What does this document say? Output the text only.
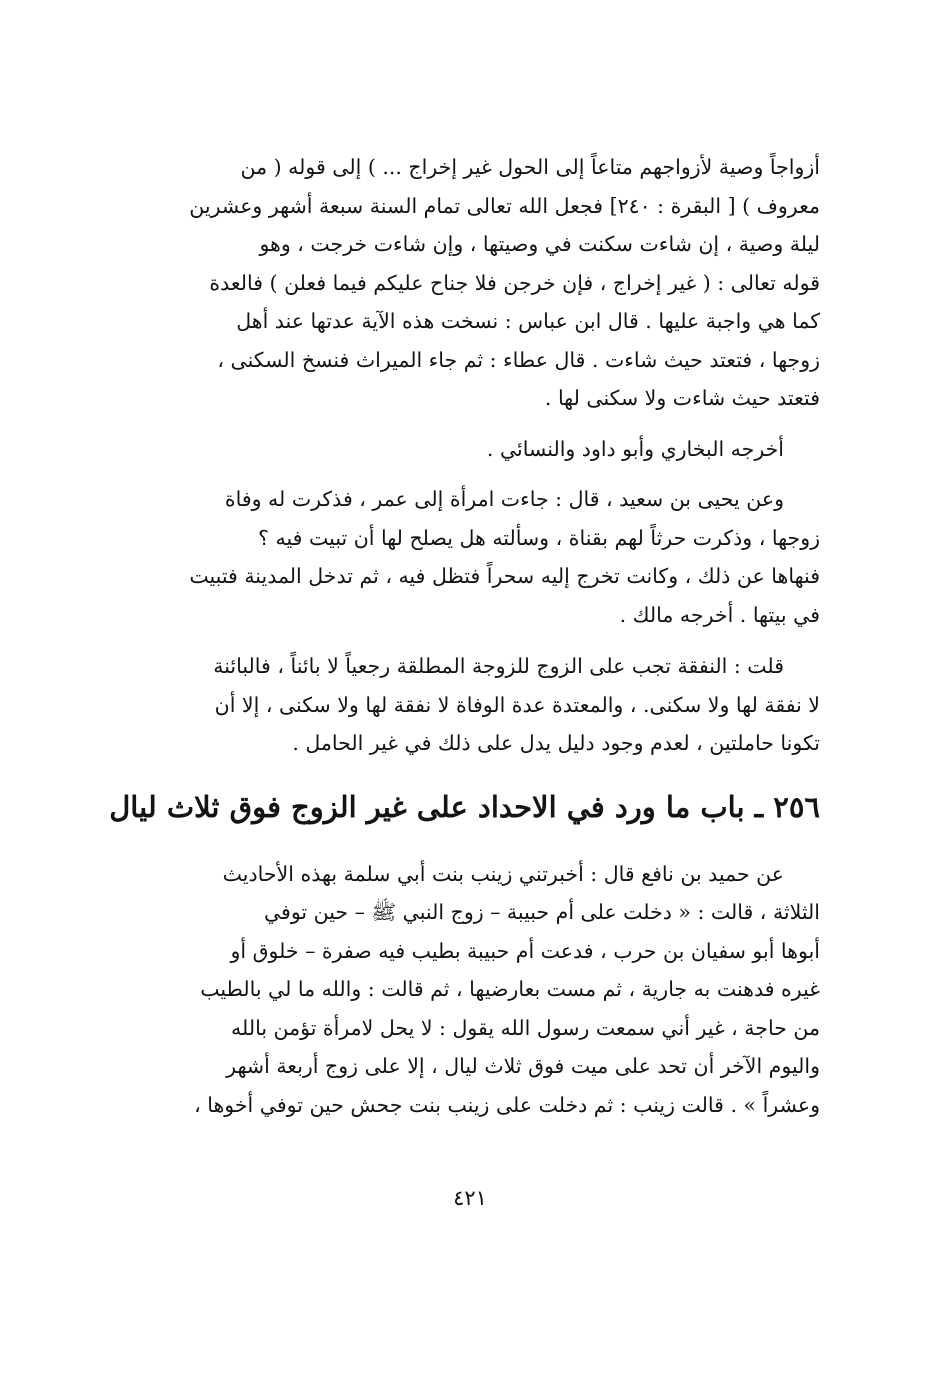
أزواجاً وصية لأزواجهم متاعاً إلى الحول غير إخراج ... ) إلى قوله ( من
معروف ) [ البقرة : ٢٤٠] فجعل الله تعالى تمام السنة سبعة أشهر وعشرين
ليلة وصية ، إن شاءت سكنت في وصيتها ، وإن شاءت خرجت ، وهو
قوله تعالى : ( غير إخراج ، فإن خرجن فلا جناح عليكم فيما فعلن ) فالعدة
كما هي واجبة عليها . قال ابن عباس : نسخت هذه الآية عدتها عند أهل
زوجها ، فتعتد حيث شاءت . قال عطاء : ثم جاء الميراث فنسخ السكنى ،
فتعتد حيث شاءت ولا سكنى لها .

أخرجه البخاري وأبو داود والنسائي .

وعن يحيى بن سعيد ، قال : جاءت امرأة إلى عمر ، فذكرت له وفاة
زوجها ، وذكرت حرثاً لهم بقناة ، وسألته هل يصلح لها أن تبيت فيه ؟
فنهاها عن ذلك ، وكانت تخرج إليه سحراً فتظل فيه ، ثم تدخل المدينة فتبيت
في بيتها . أخرجه مالك .

قلت : النفقة تجب على الزوج للزوجة المطلقة رجعياً لا بائناً ، فالبائنة
لا نفقة لها ولا سكنى. ، والمعتدة عدة الوفاة لا نفقة لها ولا سكنى ، إلا أن
تكونا حاملتين ، لعدم وجود دليل يدل على ذلك في غير الحامل .

٢٥٦ ـ باب ما ورد في الاحداد على غير الزوج فوق ثلاث ليال

عن حميد بن نافع قال : أخبرتني زينب بنت أبي سلمة بهذه الأحاديث
الثلاثة ، قالت : « دخلت على أم حبيبة – زوج النبي ﷺ – حين توفي
أبوها أبو سفيان بن حرب ، فدعت أم حبيبة بطيب فيه صفرة – خلوق أو
غيره فدهنت به جارية ، ثم مست بعارضيها ، ثم قالت : والله ما لي بالطيب
من حاجة ، غير أني سمعت رسول الله يقول : لا يحل لامرأة تؤمن بالله
واليوم الآخر أن تحد على ميت فوق ثلاث ليال ، إلا على زوج أربعة أشهر
وعشراً » . قالت زينب : ثم دخلت على زينب بنت جحش حين توفي أخوها ،

٤٢١
